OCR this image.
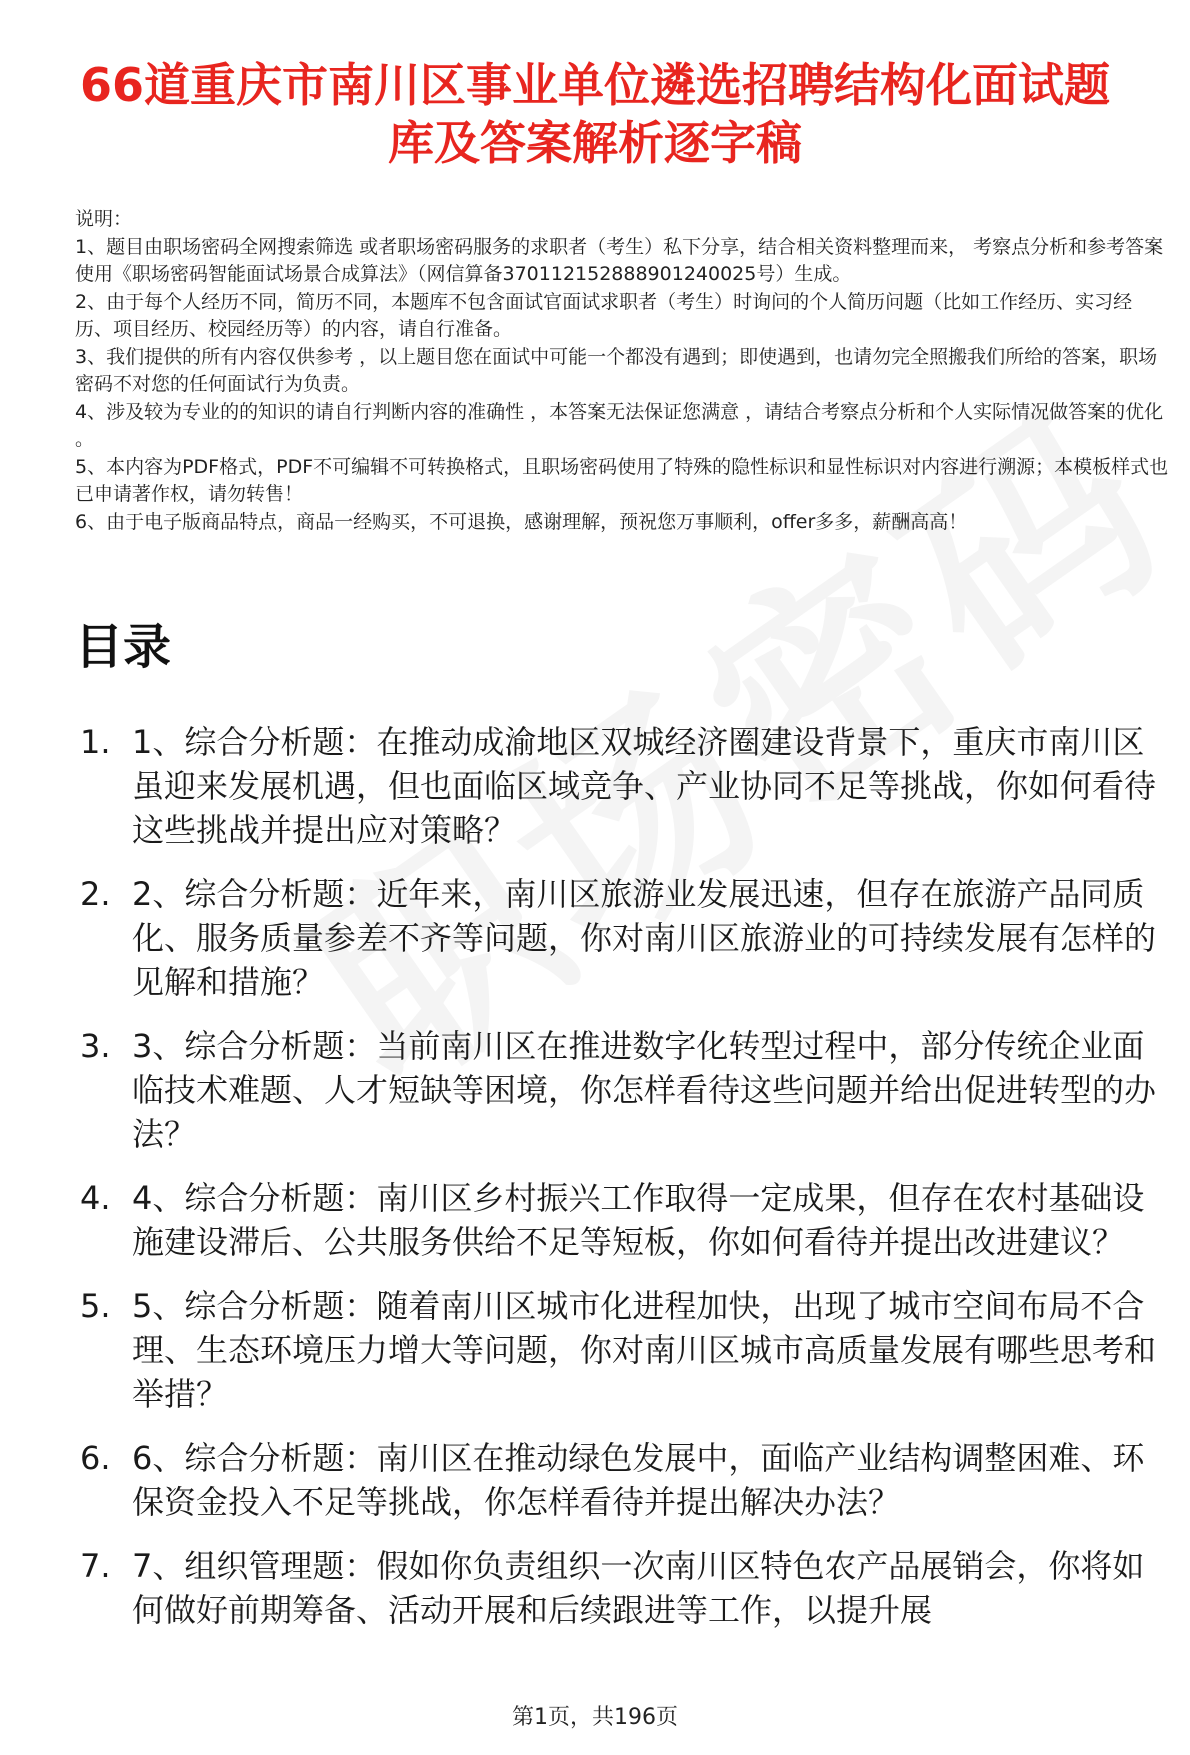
66道重庆市南川区事业单位遴选招聘结构化面试题库及答案解析逐字稿
说明：
1、题目由职场密码全网搜索筛选 或者职场密码服务的求职者（考生）私下分享，结合相关资料整理而来， 考察点分析和参考答案使用《职场密码智能面试场景合成算法》（网信算备370112152888901240025号）生成。
2、由于每个人经历不同，简历不同，本题库不包含面试官面试求职者（考生）时询问的个人简历问题（比如工作经历、实习经历、项目经历、校园经历等）的内容，请自行准备。
3、我们提供的所有内容仅供参考 ，以上题目您在面试中可能一个都没有遇到；即使遇到，也请勿完全照搬我们所给的答案，职场密码不对您的任何面试行为负责。
4、涉及较为专业的的知识的请自行判断内容的准确性 ，本答案无法保证您满意 ，请结合考察点分析和个人实际情况做答案的优化 。
5、本内容为PDF格式，PDF不可编辑不可转换格式，且职场密码使用了特殊的隐性标识和显性标识对内容进行溯源；本模板样式也已申请著作权，请勿转售！
6、由于电子版商品特点，商品一经购买，不可退换，感谢理解，预祝您万事顺利，offer多多，薪酬高高！
目录
1. 1、综合分析题：在推动成渝地区双城经济圈建设背景下，重庆市南川区虽迎来发展机遇，但也面临区域竞争、产业协同不足等挑战，你如何看待这些挑战并提出应对策略？
2. 2、综合分析题：近年来，南川区旅游业发展迅速，但存在旅游产品同质化、服务质量参差不齐等问题，你对南川区旅游业的可持续发展有怎样的见解和措施？
3. 3、综合分析题：当前南川区在推进数字化转型过程中，部分传统企业面临技术难题、人才短缺等困境，你怎样看待这些问题并给出促进转型的办法？
4. 4、综合分析题：南川区乡村振兴工作取得一定成果，但存在农村基础设施建设滞后、公共服务供给不足等短板，你如何看待并提出改进建议？
5. 5、综合分析题：随着南川区城市化进程加快，出现了城市空间布局不合理、生态环境压力增大等问题，你对南川区城市高质量发展有哪些思考和举措？
6. 6、综合分析题：南川区在推动绿色发展中，面临产业结构调整困难、环保资金投入不足等挑战，你怎样看待并提出解决办法？
7. 7、组织管理题：假如你负责组织一次南川区特色农产品展销会，你将如何做好前期筹备、活动开展和后续跟进等工作，以提升展
第1页，共196页
